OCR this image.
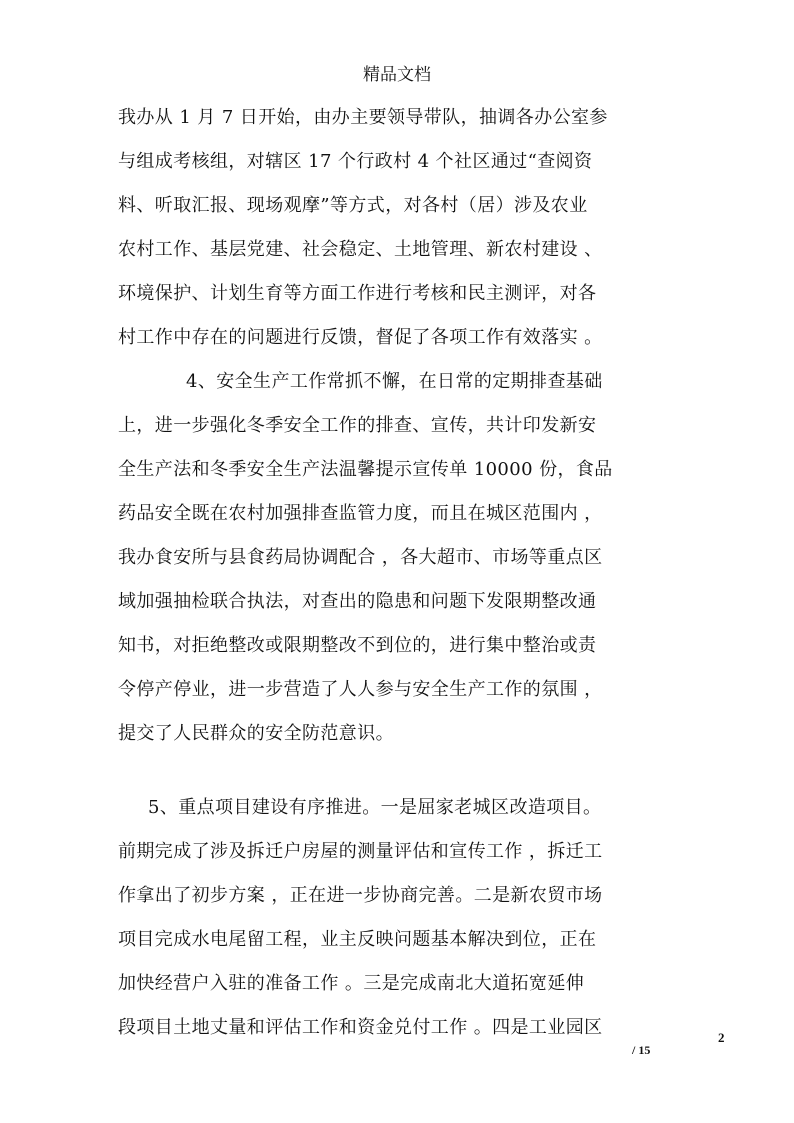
精品文档
我办从 1 月 7 日开始，由办主要领导带队，抽调各办公室参
与组成考核组，对辖区 17 个行政村 4 个社区通过“查阅资
料、听取汇报、现场观摩”等方式，对各村（居）涉及农业
农村工作、基层党建、社会稳定、土地管理、新农村建设 、
环境保护、计划生育等方面工作进行考核和民主测评，对各
村工作中存在的问题进行反馈，督促了各项工作有效落实 。
4、安全生产工作常抓不懈，在日常的定期排查基础
上，进一步强化冬季安全工作的排查、宣传，共计印发新安
全生产法和冬季安全生产法温馨提示宣传单 10000 份，食品
药品安全既在农村加强排查监管力度，而且在城区范围内 ，
我办食安所与县食药局协调配合 ，各大超市、市场等重点区
域加强抽检联合执法，对查出的隐患和问题下发限期整改通
知书，对拒绝整改或限期整改不到位的，进行集中整治或责
令停产停业，进一步营造了人人参与安全生产工作的氛围 ，
提交了人民群众的安全防范意识。
5、重点项目建设有序推进。一是屈家老城区改造项目。
前期完成了涉及拆迁户房屋的测量评估和宣传工作 ，拆迁工
作拿出了初步方案 ，正在进一步协商完善。二是新农贸市场
项目完成水电尾留工程，业主反映问题基本解决到位，正在
加快经营户入驻的准备工作 。三是完成南北大道拓宽延伸
段项目土地丈量和评估工作和资金兑付工作 。四是工业园区	2
/ 15
